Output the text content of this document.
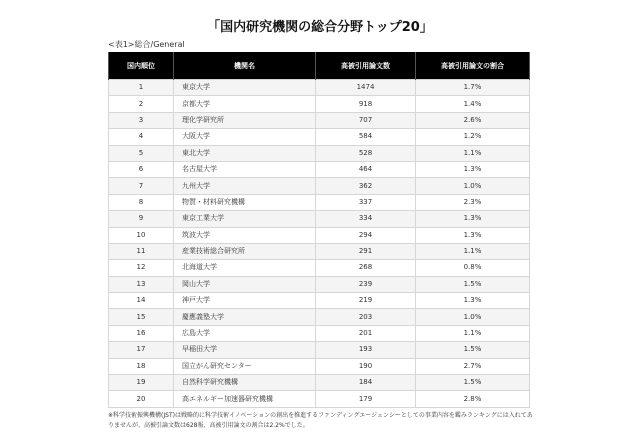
「国内研究機関の総合分野トップ20」
<表1>総合/General
国内順位	機関名	高被引用論文数	高被引用論文の割合
1	東京大学	1474	1.7%
2	京都大学	918	1.4%
3	理化学研究所	707	2.6%
4	大阪大学	584	1.2%
5	東北大学	528	1.1%
6	名古屋大学	464	1.3%
7	九州大学	362	1.0%
8	物質・材料研究機構	337	2.3%
9	東京工業大学	334	1.3%
10	筑波大学	294	1.3%
11	産業技術総合研究所	291	1.1%
12	北海道大学	268	0.8%
13	岡山大学	239	1.5%
14	神戸大学	219	1.3%
15	慶應義塾大学	203	1.0%
16	広島大学	201	1.1%
17	早稲田大学	193	1.5%
18	国立がん研究センター	190	2.7%
19	自然科学研究機構	184	1.5%
20	高エネルギー加速器研究機構	179	2.8%
※科学技術振興機構(JST)は戦略的に科学技術イノベーションの創出を推進するファンディングエージェンシーとしての事業内容を鑑みランキングには入れてありませんが、高被引論文数は628報、高被引用論文の割合は2.2%でした。
